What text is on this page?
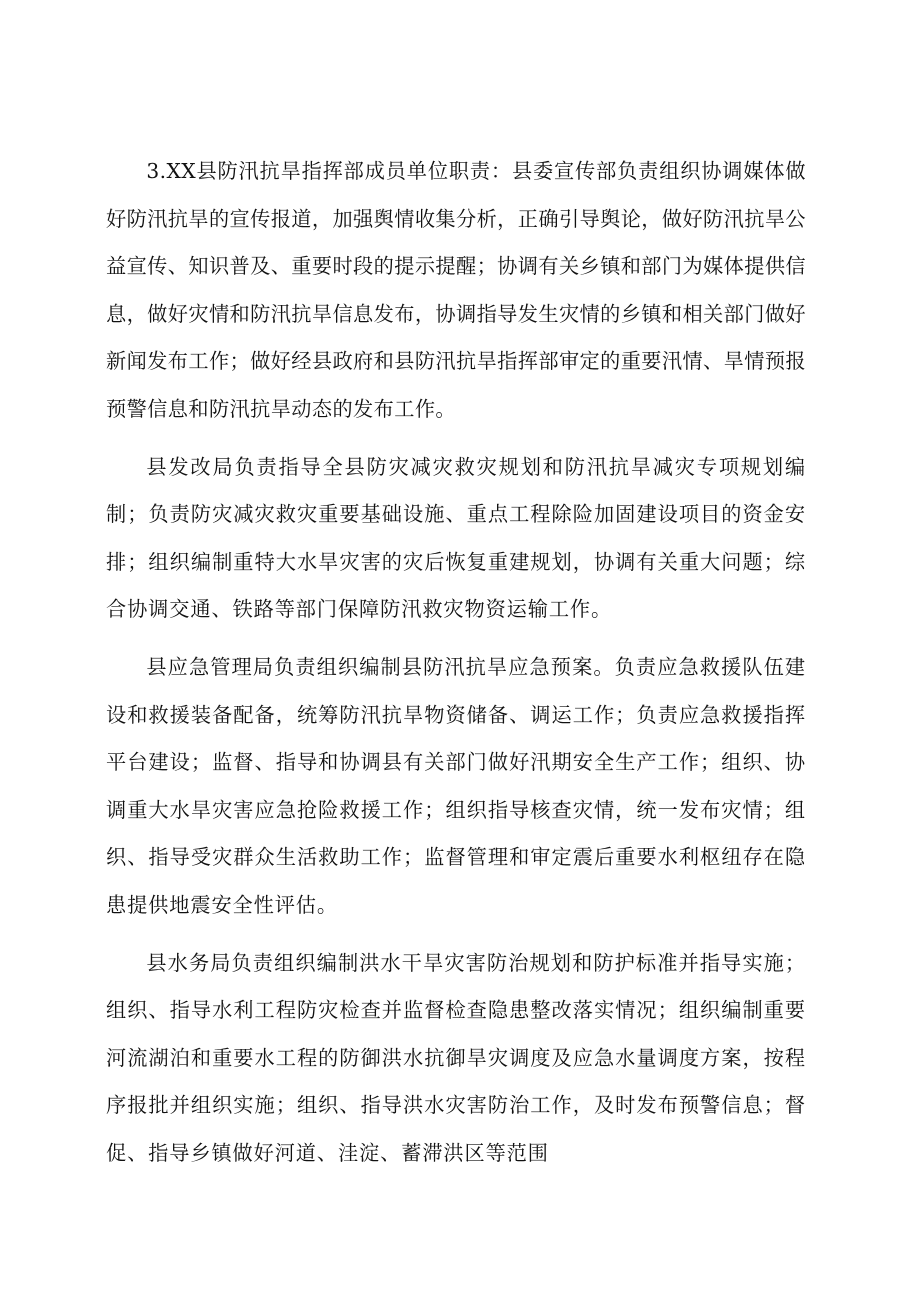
3.XX县防汛抗旱指挥部成员单位职责：县委宣传部负责组织协调媒体做好防汛抗旱的宣传报道，加强舆情收集分析，正确引导舆论，做好防汛抗旱公益宣传、知识普及、重要时段的提示提醒；协调有关乡镇和部门为媒体提供信息，做好灾情和防汛抗旱信息发布，协调指导发生灾情的乡镇和相关部门做好新闻发布工作；做好经县政府和县防汛抗旱指挥部审定的重要汛情、旱情预报预警信息和防汛抗旱动态的发布工作。

县发改局负责指导全县防灾减灾救灾规划和防汛抗旱减灾专项规划编制；负责防灾减灾救灾重要基础设施、重点工程除险加固建设项目的资金安排；组织编制重特大水旱灾害的灾后恢复重建规划，协调有关重大问题；综合协调交通、铁路等部门保障防汛救灾物资运输工作。

县应急管理局负责组织编制县防汛抗旱应急预案。负责应急救援队伍建设和救援装备配备，统筹防汛抗旱物资储备、调运工作；负责应急救援指挥平台建设；监督、指导和协调县有关部门做好汛期安全生产工作；组织、协调重大水旱灾害应急抢险救援工作；组织指导核查灾情，统一发布灾情；组织、指导受灾群众生活救助工作；监督管理和审定震后重要水利枢纽存在隐患提供地震安全性评估。

县水务局负责组织编制洪水干旱灾害防治规划和防护标准并指导实施；组织、指导水利工程防灾检查并监督检查隐患整改落实情况；组织编制重要河流湖泊和重要水工程的防御洪水抗御旱灾调度及应急水量调度方案，按程序报批并组织实施；组织、指导洪水灾害防治工作，及时发布预警信息；督促、指导乡镇做好河道、洼淀、蓄滞洪区等范围
